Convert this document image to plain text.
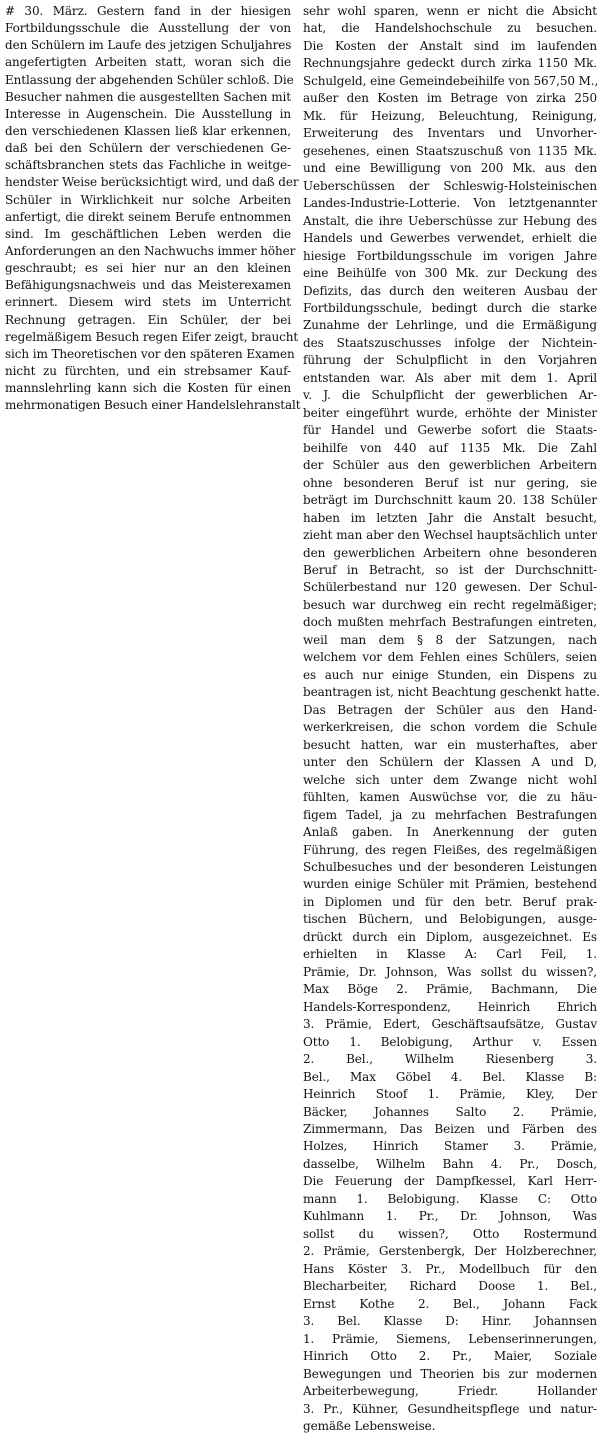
# 30. März. Gestern fand in der hiesigen
Fortbildungsschule die Ausstellung der von
den Schülern im Laufe des jetzigen Schuljahres
angefertigten Arbeiten statt, woran sich die
Entlassung der abgehenden Schüler schloß. Die
Besucher nahmen die ausgestellten Sachen mit
Interesse in Augenschein. Die Ausstellung in
den verschiedenen Klassen ließ klar erkennen,
daß bei den Schülern der verschiedenen Ge-
schäftsbranchen stets das Fachliche in weitge-
hendster Weise berücksichtigt wird, und daß der
Schüler in Wirklichkeit nur solche Arbeiten
anfertigt, die direkt seinem Berufe entnommen
sind. Im geschäftlichen Leben werden die
Anforderungen an den Nachwuchs immer höher
geschraubt; es sei hier nur an den kleinen
Befähigungsnachweis und das Meisterexamen
erinnert. Diesem wird stets im Unterricht
Rechnung getragen. Ein Schüler, der bei
regelmäßigem Besuch regen Eifer zeigt, braucht
sich im Theoretischen vor den späteren Examen
nicht zu fürchten, und ein strebsamer Kauf-
mannslehrling kann sich die Kosten für einen
mehrmonatigen Besuch einer Handelslehranstalt
sehr wohl sparen, wenn er nicht die Absicht
hat, die Handelshochschule zu besuchen.
Die Kosten der Anstalt sind im laufenden
Rechnungsjahre gedeckt durch zirka 1150 Mk.
Schulgeld, eine Gemeindebeihilfe von 567,50 M.,
außer den Kosten im Betrage von zirka 250
Mk. für Heizung, Beleuchtung, Reinigung,
Erweiterung des Inventars und Unvorher-
gesehenes, einen Staatszuschuß von 1135 Mk.
und eine Bewilligung von 200 Mk. aus den
Ueberschüssen der Schleswig-Holsteinischen
Landes-Industrie-Lotterie. Von letztgenannter
Anstalt, die ihre Ueberschüsse zur Hebung des
Handels und Gewerbes verwendet, erhielt die
hiesige Fortbildungsschule im vorigen Jahre
eine Beihülfe von 300 Mk. zur Deckung des
Defizits, das durch den weiteren Ausbau der
Fortbildungsschule, bedingt durch die starke
Zunahme der Lehrlinge, und die Ermäßigung
des Staatszuschusses infolge der Nichtein-
führung der Schulpflicht in den Vorjahren
entstanden war. Als aber mit dem 1. April
v. J. die Schulpflicht der gewerblichen Ar-
beiter eingeführt wurde, erhöhte der Minister
für Handel und Gewerbe sofort die Staats-
beihilfe von 440 auf 1135 Mk. Die Zahl
der Schüler aus den gewerblichen Arbeitern
ohne besonderen Beruf ist nur gering, sie
beträgt im Durchschnitt kaum 20. 138 Schüler
haben im letzten Jahr die Anstalt besucht,
zieht man aber den Wechsel hauptsächlich unter
den gewerblichen Arbeitern ohne besonderen
Beruf in Betracht, so ist der Durchschnitt-
Schülerbestand nur 120 gewesen. Der Schul-
besuch war durchweg ein recht regelmäßiger;
doch mußten mehrfach Bestrafungen eintreten,
weil man dem § 8 der Satzungen, nach
welchem vor dem Fehlen eines Schülers, seien
es auch nur einige Stunden, ein Dispens zu
beantragen ist, nicht Beachtung geschenkt hatte.
Das Betragen der Schüler aus den Hand-
werkerkreisen, die schon vordem die Schule
besucht hatten, war ein musterhaftes, aber
unter den Schülern der Klassen A und D,
welche sich unter dem Zwange nicht wohl
fühlten, kamen Auswüchse vor, die zu häu-
figem Tadel, ja zu mehrfachen Bestrafungen
Anlaß gaben. In Anerkennung der guten
Führung, des regen Fleißes, des regelmäßigen
Schulbesuches und der besonderen Leistungen
wurden einige Schüler mit Prämien, bestehend
in Diplomen und für den betr. Beruf prak-
tischen Büchern, und Belobigungen, ausge-
drückt durch ein Diplom, ausgezeichnet. Es
erhielten in Klasse A: Carl Feil, 1.
Prämie, Dr. Johnson, Was sollst du wissen?,
Max Böge 2. Prämie, Bachmann, Die
Handels-Korrespondenz, Heinrich Ehrich
3. Prämie, Edert, Geschäftsaufsätze, Gustav
Otto 1. Belobigung, Arthur v. Essen
2. Bel., Wilhelm Riesenberg 3.
Bel., Max Göbel 4. Bel. Klasse B:
Heinrich Stoof 1. Prämie, Kley, Der
Bäcker, Johannes Salto 2. Prämie,
Zimmermann, Das Beizen und Färben des
Holzes, Hinrich Stamer 3. Prämie,
dasselbe, Wilhelm Bahn 4. Pr., Dosch,
Die Feuerung der Dampfkessel, Karl Herr-
mann 1. Belobigung. Klasse C: Otto
Kuhlmann 1. Pr., Dr. Johnson, Was
sollst du wissen?, Otto Rostermund
2. Prämie, Gerstenbergk, Der Holzberechner,
Hans Köster 3. Pr., Modellbuch für den
Blecharbeiter, Richard Doose 1. Bel.,
Ernst Kothe 2. Bel., Johann Fack
3. Bel. Klasse D: Hinr. Johannsen
1. Prämie, Siemens, Lebenserinnerungen,
Hinrich Otto 2. Pr., Maier, Soziale
Bewegungen und Theorien bis zur modernen
Arbeiterbewegung, Friedr. Hollander
3. Pr., Kühner, Gesundheitspflege und natur-
gemäße Lebensweise.
